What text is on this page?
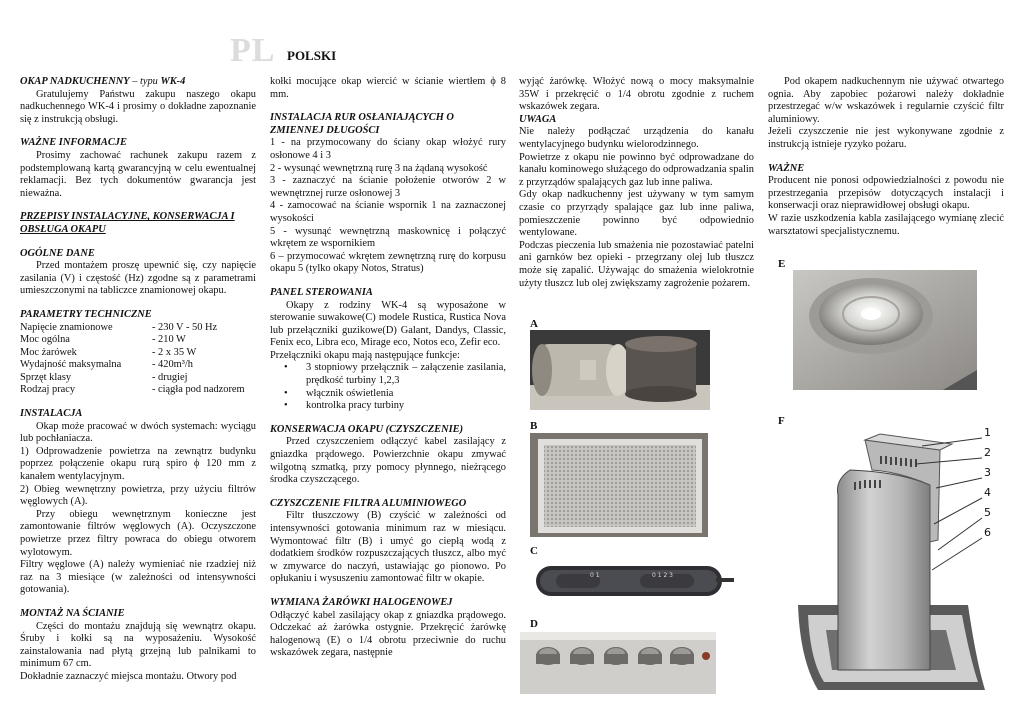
PL POLSKI
OKAP NADKUCHENNY – typu WK-4

Gratulujemy Państwu zakupu naszego okapu nadkuchennego WK-4 i prosimy o dokładne zapoznanie się z instrukcją obsługi.

WAŻNE INFORMACJE

Prosimy zachować rachunek zakupu razem z podstemplowaną kartą gwarancyjną w celu ewentualnej reklamacji. Bez tych dokumentów gwarancja jest nieważna.

PRZEPISY INSTALACYJNE, KONSERWACJA I OBSŁUGA OKAPU
OGÓLNE DANE

Przed montażem proszę upewnić się, czy napięcie zasilania (V) i częstość (Hz) zgodne są z parametrami umieszczonymi na tabliczce znamionowej okapu.

PARAMETRY TECHNICZNE
Napięcie znamionowe	- 230 V - 50 Hz
Moc ogólna	- 210 W
Moc żarówek	- 2 x 35 W
Wydajność maksymalna	- 420m³/h
Sprzęt klasy	- drugiej
Rodzaj pracy	- ciągła pod nadzorem
INSTALACJA

Okap może pracować w dwóch systemach: wyciągu lub pochłaniacza.

1) Odprowadzenie powietrza na zewnątrz budynku poprzez połączenie okapu rurą spiro ϕ 120 mm z kanałem wentylacyjnym.

2) Obieg wewnętrzny powietrza, przy użyciu filtrów węglowych (A).

Przy obiegu wewnętrznym konieczne jest zamontowanie filtrów węglowych (A). Oczyszczone powietrze przez filtry powraca do obiegu otworem wylotowym.

Filtry węglowe (A) należy wymieniać nie rzadziej niż raz na 3 miesiące (w zależności od intensywności gotowania).

MONTAŻ NA ŚCIANIE

Części do montażu znajdują się wewnątrz okapu. Śruby i kołki są na wyposażeniu. Wysokość zainstalowania nad płytą grzejną lub palnikami to minimum 67 cm.

Dokładnie zaznaczyć miejsca montażu. Otwory pod

kołki mocujące okap wiercić w ścianie wiertłem ϕ 8 mm.

INSTALACJA RUR OSŁANIAJĄCYCH O ZMIENNEJ DŁUGOŚCI

1 - na przymocowany do ściany okap włożyć rury osłonowe 4 i 3

2 - wysunąć wewnętrzną rurę 3 na żądaną wysokość

3 - zaznaczyć na ścianie położenie otworów 2 w wewnętrznej rurze osłonowej 3

4 - zamocować na ścianie wspornik 1 na zaznaczonej wysokości

5 - wysunąć wewnętrzną maskownicę i połączyć wkrętem ze wspornikiem

6 – przymocować wkrętem zewnętrzną rurę do korpusu okapu 5 (tylko okapy Notos, Stratus)

PANEL STEROWANIA

Okapy z rodziny WK-4 są wyposażone w sterowanie suwakowe(C) modele Rustica, Rustica Nova lub przełączniki guzikowe(D) Galant, Dandys, Classic, Fenix eco, Libra eco, Mirage eco, Notos eco, Zefir eco.

Przełączniki okapu mają następujące funkcje:

• 3 stopniowy przełącznik – załączenie zasilania, prędkość turbiny 1,2,3
• włącznik oświetlenia
• kontrolka pracy turbiny
KONSERWACJA OKAPU (CZYSZCZENIE)

Przed czyszczeniem odłączyć kabel zasilający z gniazdka prądowego. Powierzchnie okapu zmywać wilgotną szmatką, przy pomocy płynnego, nieżrącego środka czyszczącego.

CZYSZCZENIE FILTRA ALUMINIOWEGO

Filtr tłuszczowy (B) czyścić w zależności od intensywności gotowania minimum raz w miesiącu. Wymontować filtr (B) i umyć go ciepłą wodą z dodatkiem środków rozpuszczających tłuszcz, albo myć w zmywarce do naczyń, ustawiając go pionowo. Po opłukaniu i wysuszeniu zamontować filtr w okapie.

WYMIANA ŻARÓWKI HALOGENOWEJ

Odłączyć kabel zasilający okap z gniazdka prądowego. Odczekać aż żarówka ostygnie. Przekręcić żarówkę halogenową (E) o 1/4 obrotu przeciwnie do ruchu wskazówek zegara, następnie

wyjąć żarówkę. Włożyć nową o mocy maksymalnie 35W i przekręcić o 1/4 obrotu zgodnie z ruchem wskazówek zegara.

UWAGA

Nie należy podłączać urządzenia do kanału wentylacyjnego budynku wielorodzinnego.

Powietrze z okapu nie powinno być odprowadzane do kanału kominowego służącego do odprowadzania spalin z przyrządów spalających gaz lub inne paliwa.

Gdy okap nadkuchenny jest używany w tym samym czasie co przyrządy spalające gaz lub inne paliwa, pomieszczenie powinno być odpowiednio wentylowane.

Podczas pieczenia lub smażenia nie pozostawiać patelni ani garnków bez opieki - przegrzany olej lub tłuszcz może się zapalić. Używając do smażenia wielokrotnie użyty tłuszcz lub olej zwiększamy zagrożenie pożarem.

A
B
C
0 1	0 1 2 3
D

Pod okapem nadkuchennym nie używać otwartego ognia. Aby zapobiec pożarowi należy dokładnie przestrzegać w/w wskazówek i regularnie czyścić filtr aluminiowy.

Jeżeli czyszczenie nie jest wykonywane zgodnie z instrukcją istnieje ryzyko pożaru.

WAŻNE

Producent nie ponosi odpowiedzialności z powodu nie przestrzegania przepisów dotyczących instalacji i konserwacji oraz nieprawidłowej obsługi okapu.

W razie uszkodzenia kabla zasilającego wymianę zlecić warsztatowi specjalistycznemu.

E
F
1
2
3
4
5
6
